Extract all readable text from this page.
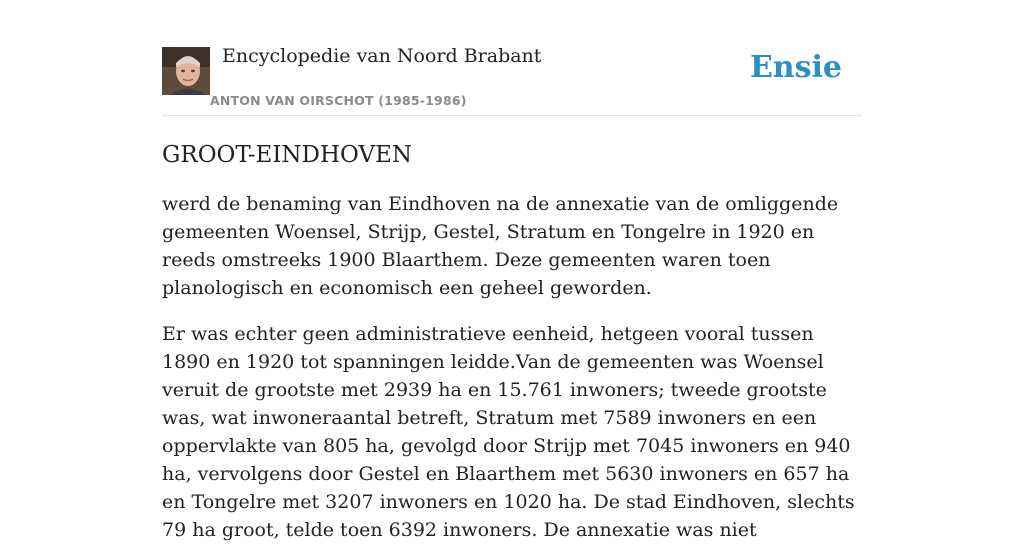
Encyclopedie van Noord Brabant
ANTON VAN OIRSCHOT (1985-1986)
Ensie
GROOT-EINDHOVEN

werd de benaming van Eindhoven na de annexatie van de omliggende gemeenten Woensel, Strijp, Gestel, Stratum en Tongelre in 1920 en reeds omstreeks 1900 Blaarthem. Deze gemeenten waren toen planologisch en economisch een geheel geworden.

Er was echter geen administratieve eenheid, hetgeen vooral tussen 1890 en 1920 tot spanningen leidde.Van de gemeenten was Woensel veruit de grootste met 2939 ha en 15.761 inwoners; tweede grootste was, wat inwoneraantal betreft, Stratum met 7589 inwoners en een oppervlakte van 805 ha, gevolgd door Strijp met 7045 inwoners en 940 ha, vervolgens door Gestel en Blaarthem met 5630 inwoners en 657 ha en Tongelre met 3207 inwoners en 1020 ha. De stad Eindhoven, slechts 79 ha groot, telde toen 6392 inwoners. De annexatie was niet
